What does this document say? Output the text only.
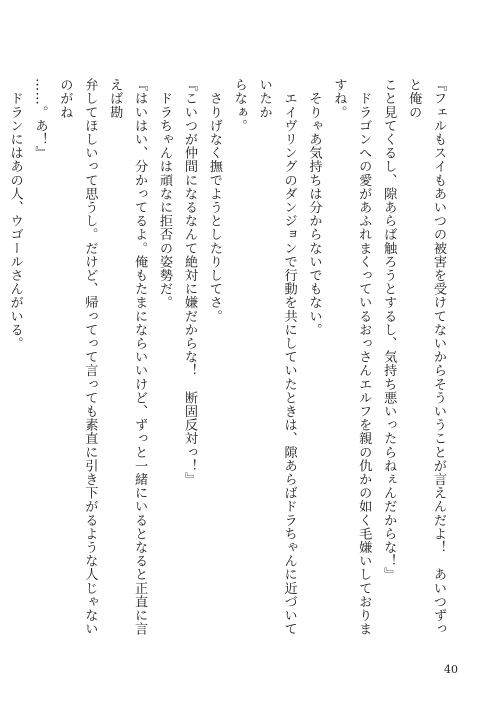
『フェルもスイもあいつの被害を受けてないからそういうことが言えんだよ！　あいつずっと俺の

こと見てくるし、隙あらば触ろうとするし、気持ち悪いったらねぇんだからな！』

　ドラゴンへの愛があふれまくっているおっさんエルフを親の仇かの如く毛嫌いしておりますね。

　そりゃあ気持ちは分からないでもない。

　エイヴリングのダンジョンで行動を共にしていたときは、隙あらばドラちゃんに近づいていたか

らなぁ。

　さりげなく撫でようとしたりしてさ。

『こいつが仲間になるなんて絶対に嫌だからな！　断固反対っ！』

　ドラちゃんは頑なに拒否の姿勢だ。

『はいはい、分かってるよ。俺もたまにならいいけど、ずっと一緒にいるとなると正直に言えば勘

弁してほしいって思うし。だけど、帰ってって言っても素直に引き下がるような人じゃないのがね

……。あ！』

　ドランにはあの人、ウゴールさんがいる。

40
